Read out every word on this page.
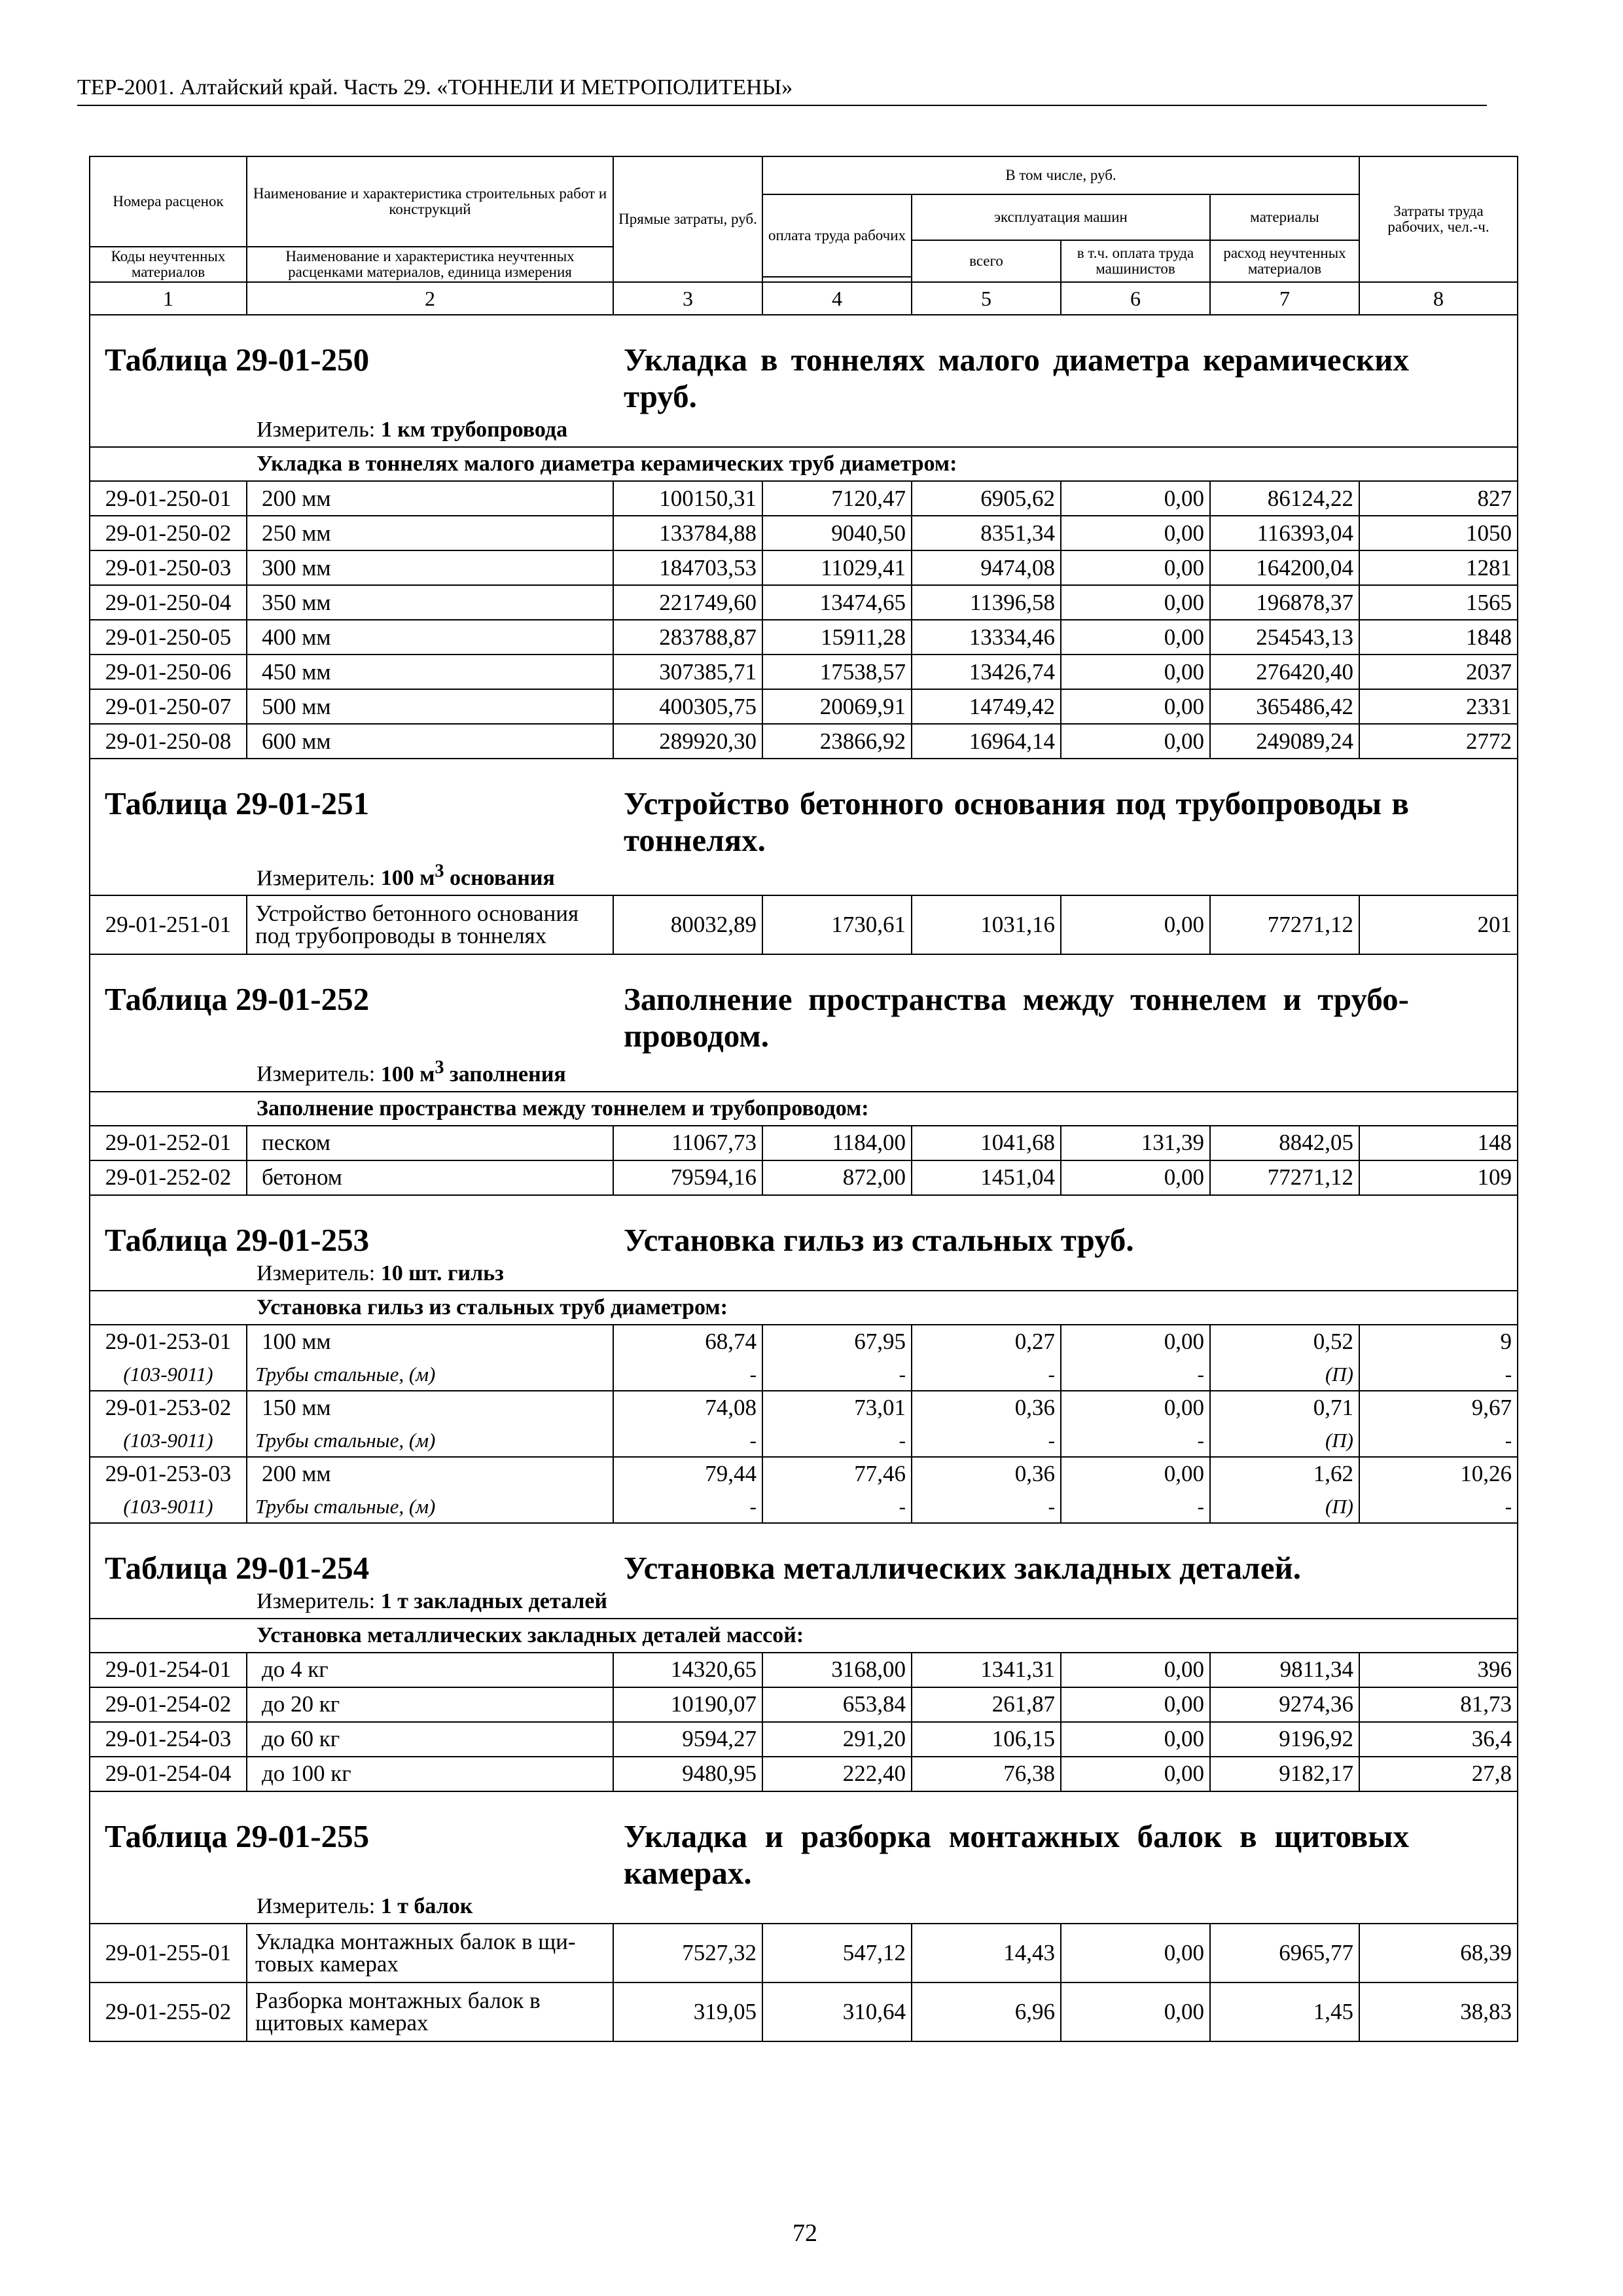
ТЕР-2001. Алтайский край. Часть 29. «ТОННЕЛИ И МЕТРОПОЛИТЕНЫ»
Номера расценок	Наименование и характеристика строительных работ и конструкций	Прямые затраты, руб.	В том числе, руб.				Затраты труда рабочих, чел.-ч.
			оплата труда рабочих	эксплуатация машин		материалы	
				всего	в т.ч. оплата труда машинистов	расход неучтенных материалов	
Коды неучтенных материалов	Наименование и характеристика неучтенных расценками материалов, единица измерения						

1	2	3	4	5	6	7	8

Таблица 29-01-250 Укладка в тоннелях малого диаметра керамических труб.							

Измеритель: 1 км трубопровода							
Укладка в тоннелях малого диаметра керамических труб диаметром:							
29-01-250-01	200 мм	100150,31	7120,47	6905,62	0,00	86124,22	827
29-01-250-02	250 мм	133784,88	9040,50	8351,34	0,00	116393,04	1050
29-01-250-03	300 мм	184703,53	11029,41	9474,08	0,00	164200,04	1281
29-01-250-04	350 мм	221749,60	13474,65	11396,58	0,00	196878,37	1565
29-01-250-05	400 мм	283788,87	15911,28	13334,46	0,00	254543,13	1848
29-01-250-06	450 мм	307385,71	17538,57	13426,74	0,00	276420,40	2037
29-01-250-07	500 мм	400305,75	20069,91	14749,42	0,00	365486,42	2331
29-01-250-08	600 мм	289920,30	23866,92	16964,14	0,00	249089,24	2772

Таблица 29-01-251 Устройство бетонного основания под трубопроводы в тоннелях.							

Измеритель: 100 $м^3$ основания							
29-01-251-01	Устройство бетонного основания под трубопроводы в тоннелях	80032,89	1730,61	1031,16	0,00	77271,12	201

Таблица 29-01-252 Заполнение пространства между тоннелем и трубо-проводом.							

Измеритель: 100 $м^3$ заполнения							
Заполнение пространства между тоннелем и трубопроводом:							
29-01-252-01	песком	11067,73	1184,00	1041,68	131,39	8842,05	148
29-01-252-02	бетоном	79594,16	872,00	1451,04	0,00	77271,12	109

Таблица 29-01-253 Установка гильз из стальных труб.							

Измеритель: 10 шт. гильз							
Установка гильз из стальных труб диаметром:							
29-01-253-01	100 мм	68,74	67,95	0,27	0,00	0,52	9
(103-9011)	Трубы стальные, (м)	-	-	-	-	(П)	-
29-01-253-02	150 мм	74,08	73,01	0,36	0,00	0,71	9,67
(103-9011)	Трубы стальные, (м)	-	-	-	-	(П)	-
29-01-253-03	200 мм	79,44	77,46	0,36	0,00	1,62	10,26
(103-9011)	Трубы стальные, (м)	-	-	-	-	(П)	-

Таблица 29-01-254 Установка металлических закладных деталей.							

Измеритель: 1 т закладных деталей							
Установка металлических закладных деталей массой:							
29-01-254-01	до 4 кг	14320,65	3168,00	1341,31	0,00	9811,34	396
29-01-254-02	до 20 кг	10190,07	653,84	261,87	0,00	9274,36	81,73
29-01-254-03	до 60 кг	9594,27	291,20	106,15	0,00	9196,92	36,4
29-01-254-04	до 100 кг	9480,95	222,40	76,38	0,00	9182,17	27,8

Таблица 29-01-255 Укладка и разборка монтажных балок в щитовых камерах.							

Измеритель: 1 т балок							
29-01-255-01	Укладка монтажных балок в щи-товых камерах	7527,32	547,12	14,43	0,00	6965,77	68,39
29-01-255-02	Разборка монтажных балок в щитовых камерах	319,05	310,64	6,96	0,00	1,45	38,83
72
